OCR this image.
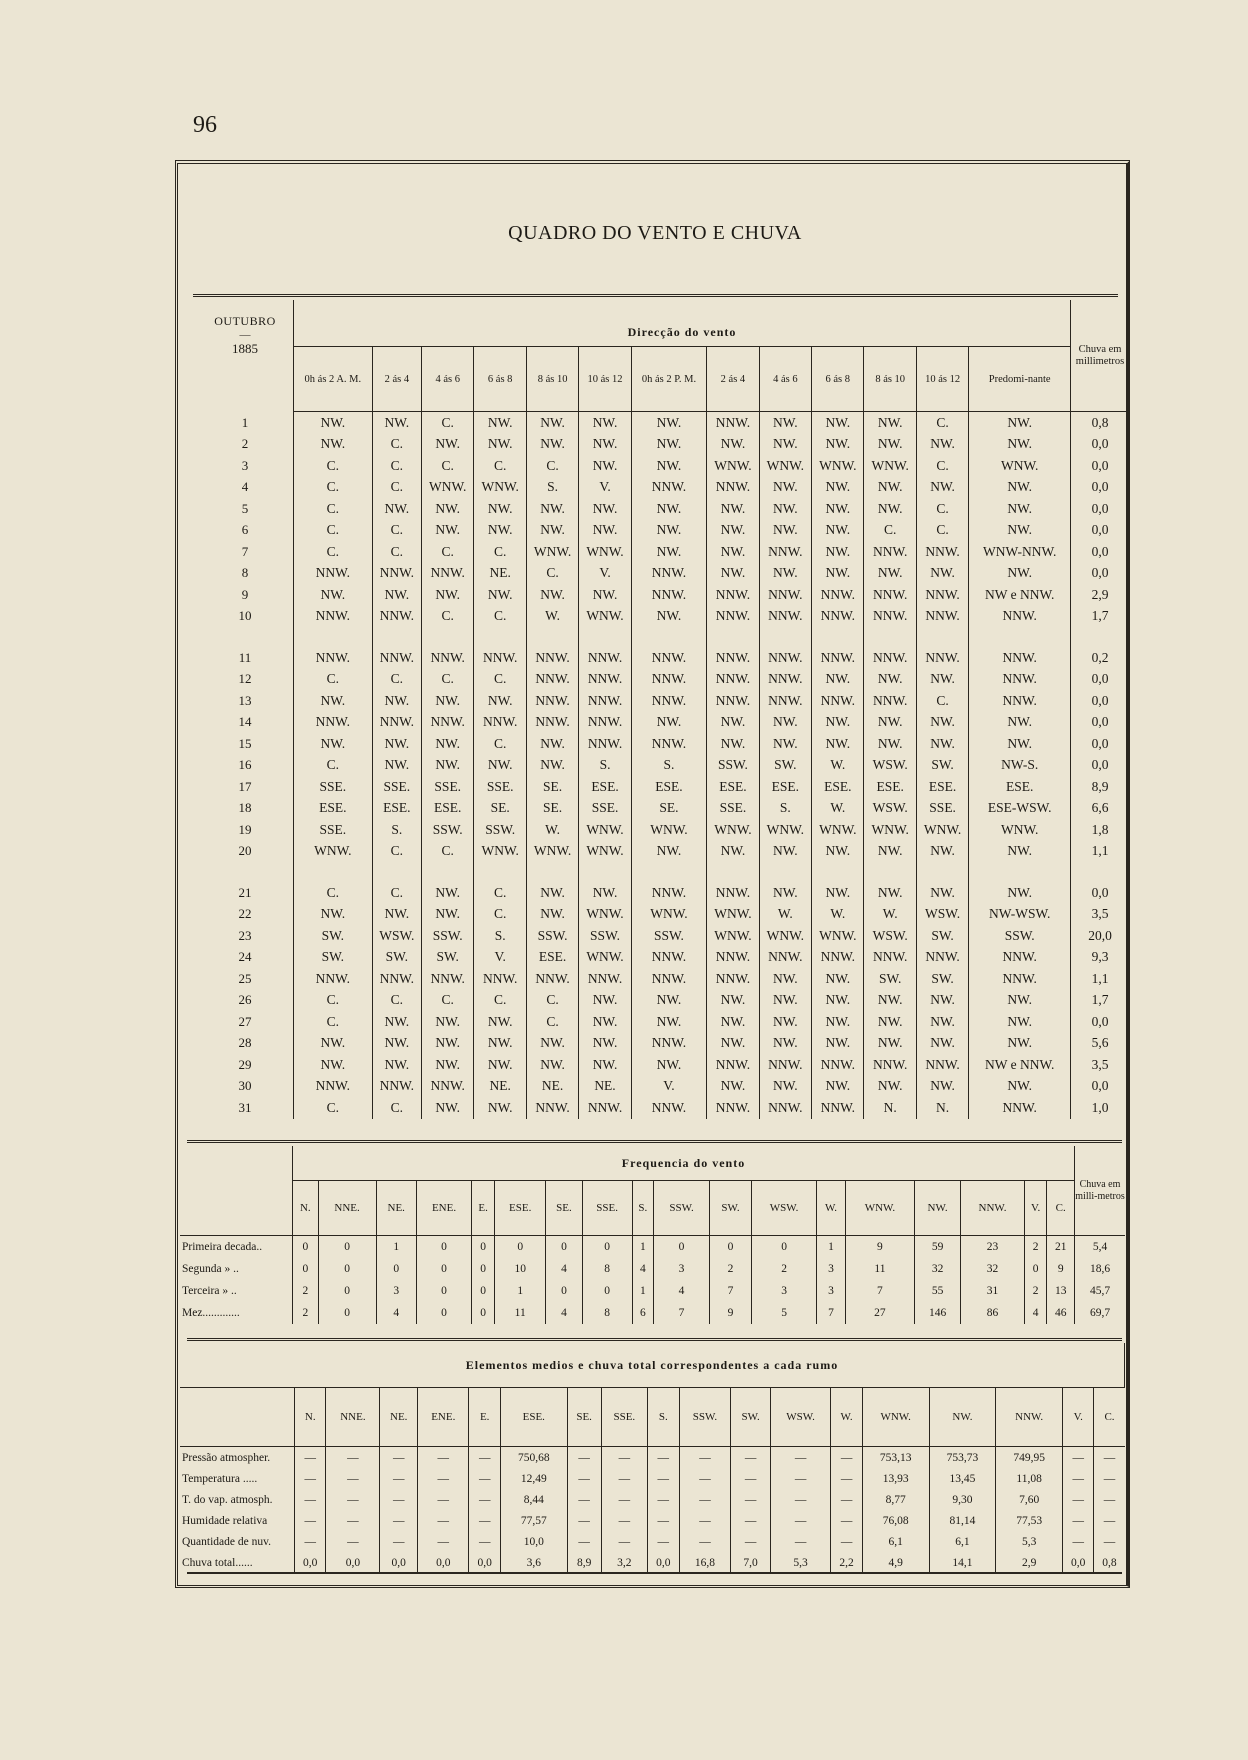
96
QUADRO DO VENTO E CHUVA
OUTUBRO
—
1885	Direcção do vento													Chuva em millimetros
	0h ás 2 A. M.	2 ás 4	4 ás 6	6 ás 8	8 ás 10	10 ás 12	0h ás 2 P. M.	2 ás 4	4 ás 6	6 ás 8	8 ás 10	10 ás 12	Predomi-nante	
1	NW.	NW.	C.	NW.	NW.	NW.	NW.	NNW.	NW.	NW.	NW.	C.	NW.	0,8
2	NW.	C.	NW.	NW.	NW.	NW.	NW.	NW.	NW.	NW.	NW.	NW.	NW.	0,0
3	C.	C.	C.	C.	C.	NW.	NW.	WNW.	WNW.	WNW.	WNW.	C.	WNW.	0,0
4	C.	C.	WNW.	WNW.	S.	V.	NNW.	NNW.	NW.	NW.	NW.	NW.	NW.	0,0
5	C.	NW.	NW.	NW.	NW.	NW.	NW.	NW.	NW.	NW.	NW.	C.	NW.	0,0
6	C.	C.	NW.	NW.	NW.	NW.	NW.	NW.	NW.	NW.	C.	C.	NW.	0,0
7	C.	C.	C.	C.	WNW.	WNW.	NW.	NW.	NNW.	NW.	NNW.	NNW.	WNW-NNW.	0,0
8	NNW.	NNW.	NNW.	NE.	C.	V.	NNW.	NW.	NW.	NW.	NW.	NW.	NW.	0,0
9	NW.	NW.	NW.	NW.	NW.	NW.	NNW.	NNW.	NNW.	NNW.	NNW.	NNW.	NW e NNW.	2,9
10	NNW.	NNW.	C.	C.	W.	WNW.	NW.	NNW.	NNW.	NNW.	NNW.	NNW.	NNW.	1,7

11	NNW.	NNW.	NNW.	NNW.	NNW.	NNW.	NNW.	NNW.	NNW.	NNW.	NNW.	NNW.	NNW.	0,2
12	C.	C.	C.	C.	NNW.	NNW.	NNW.	NNW.	NNW.	NW.	NW.	NW.	NNW.	0,0
13	NW.	NW.	NW.	NW.	NNW.	NNW.	NNW.	NNW.	NNW.	NNW.	NNW.	C.	NNW.	0,0
14	NNW.	NNW.	NNW.	NNW.	NNW.	NNW.	NW.	NW.	NW.	NW.	NW.	NW.	NW.	0,0
15	NW.	NW.	NW.	C.	NW.	NNW.	NNW.	NW.	NW.	NW.	NW.	NW.	NW.	0,0
16	C.	NW.	NW.	NW.	NW.	S.	S.	SSW.	SW.	W.	WSW.	SW.	NW-S.	0,0
17	SSE.	SSE.	SSE.	SSE.	SE.	ESE.	ESE.	ESE.	ESE.	ESE.	ESE.	ESE.	ESE.	8,9
18	ESE.	ESE.	ESE.	SE.	SE.	SSE.	SE.	SSE.	S.	W.	WSW.	SSE.	ESE-WSW.	6,6
19	SSE.	S.	SSW.	SSW.	W.	WNW.	WNW.	WNW.	WNW.	WNW.	WNW.	WNW.	WNW.	1,8
20	WNW.	C.	C.	WNW.	WNW.	WNW.	NW.	NW.	NW.	NW.	NW.	NW.	NW.	1,1

21	C.	C.	NW.	C.	NW.	NW.	NNW.	NNW.	NW.	NW.	NW.	NW.	NW.	0,0
22	NW.	NW.	NW.	C.	NW.	WNW.	WNW.	WNW.	W.	W.	W.	WSW.	NW-WSW.	3,5
23	SW.	WSW.	SSW.	S.	SSW.	SSW.	SSW.	WNW.	WNW.	WNW.	WSW.	SW.	SSW.	20,0
24	SW.	SW.	SW.	V.	ESE.	WNW.	NNW.	NNW.	NNW.	NNW.	NNW.	NNW.	NNW.	9,3
25	NNW.	NNW.	NNW.	NNW.	NNW.	NNW.	NNW.	NNW.	NW.	NW.	SW.	SW.	NNW.	1,1
26	C.	C.	C.	C.	C.	NW.	NW.	NW.	NW.	NW.	NW.	NW.	NW.	1,7
27	C.	NW.	NW.	NW.	C.	NW.	NW.	NW.	NW.	NW.	NW.	NW.	NW.	0,0
28	NW.	NW.	NW.	NW.	NW.	NW.	NNW.	NW.	NW.	NW.	NW.	NW.	NW.	5,6
29	NW.	NW.	NW.	NW.	NW.	NW.	NW.	NNW.	NNW.	NNW.	NNW.	NNW.	NW e NNW.	3,5
30	NNW.	NNW.	NNW.	NE.	NE.	NE.	V.	NW.	NW.	NW.	NW.	NW.	NW.	0,0
31	C.	C.	NW.	NW.	NNW.	NNW.	NNW.	NNW.	NNW.	NNW.	N.	N.	NNW.	1,0
	Frequencia do vento																		Chuva em milli-metros
	N.	NNE.	NE.	ENE.	E.	ESE.	SE.	SSE.	S.	SSW.	SW.	WSW.	W.	WNW.	NW.	NNW.	V.	C.	
Primeira decada..	0	0	1	0	0	0	0	0	1	0	0	0	1	9	59	23	2	21	5,4
Segunda » ..	0	0	0	0	0	10	4	8	4	3	2	2	3	11	32	32	0	9	18,6
Terceira » ..	2	0	3	0	0	1	0	0	1	4	7	3	3	7	55	31	2	13	45,7
Mez.............	2	0	4	0	0	11	4	8	6	7	9	5	7	27	146	86	4	46	69,7
Elementos medios e chuva total correspondentes a cada rumo																		
	N.	NNE.	NE.	ENE.	E.	ESE.	SE.	SSE.	S.	SSW.	SW.	WSW.	W.	WNW.	NW.	NNW.	V.	C.
Pressão atmospher.	—	—	—	—	—	750,68	—	—	—	—	—	—	—	753,13	753,73	749,95	—	—
Temperatura .....	—	—	—	—	—	12,49	—	—	—	—	—	—	—	13,93	13,45	11,08	—	—
T. do vap. atmosph.	—	—	—	—	—	8,44	—	—	—	—	—	—	—	8,77	9,30	7,60	—	—
Humidade relativa	—	—	—	—	—	77,57	—	—	—	—	—	—	—	76,08	81,14	77,53	—	—
Quantidade de nuv.	—	—	—	—	—	10,0	—	—	—	—	—	—	—	6,1	6,1	5,3	—	—
Chuva total......	0,0	0,0	0,0	0,0	0,0	3,6	8,9	3,2	0,0	16,8	7,0	5,3	2,2	4,9	14,1	2,9	0,0	0,8
